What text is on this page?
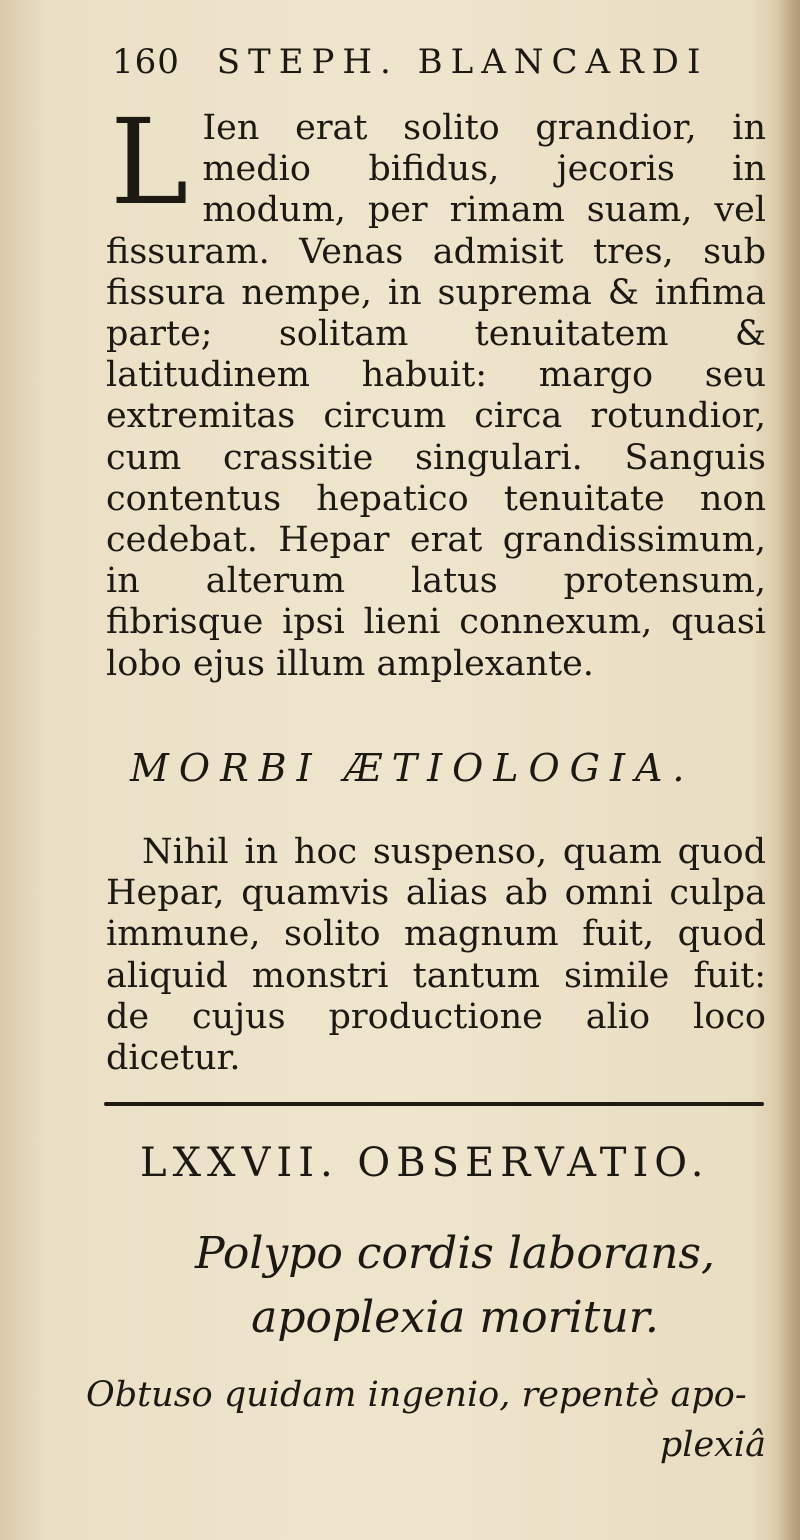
160 STEPH. BLANCARDI
L Ien erat solito grandior, in medio bifidus, jecoris in modum, per rimam suam, vel fissuram. Venas admisit tres, sub fissura nempe, in suprema & infima parte; solitam tenuitatem & latitudinem habuit: margo seu extremitas circum circa rotundior, cum crassitie singulari. Sanguis contentus hepatico tenuitate non cedebat. Hepar erat grandissimum, in alterum latus protensum, fibrisque ipsi lieni connexum, quasi lobo ejus illum amplexante.
MORBI ÆTIOLOGIA.
Nihil in hoc suspenso, quam quod Hepar, quamvis alias ab omni culpa immune, solito magnum fuit, quod aliquid monstri tantum simile fuit: de cujus productione alio loco dicetur.
LXXVII. OBSERVATIO.
Polypo cordis laborans, apoplexia moritur.
Obtuso quidam ingenio, repentè apo-
plexiâ
